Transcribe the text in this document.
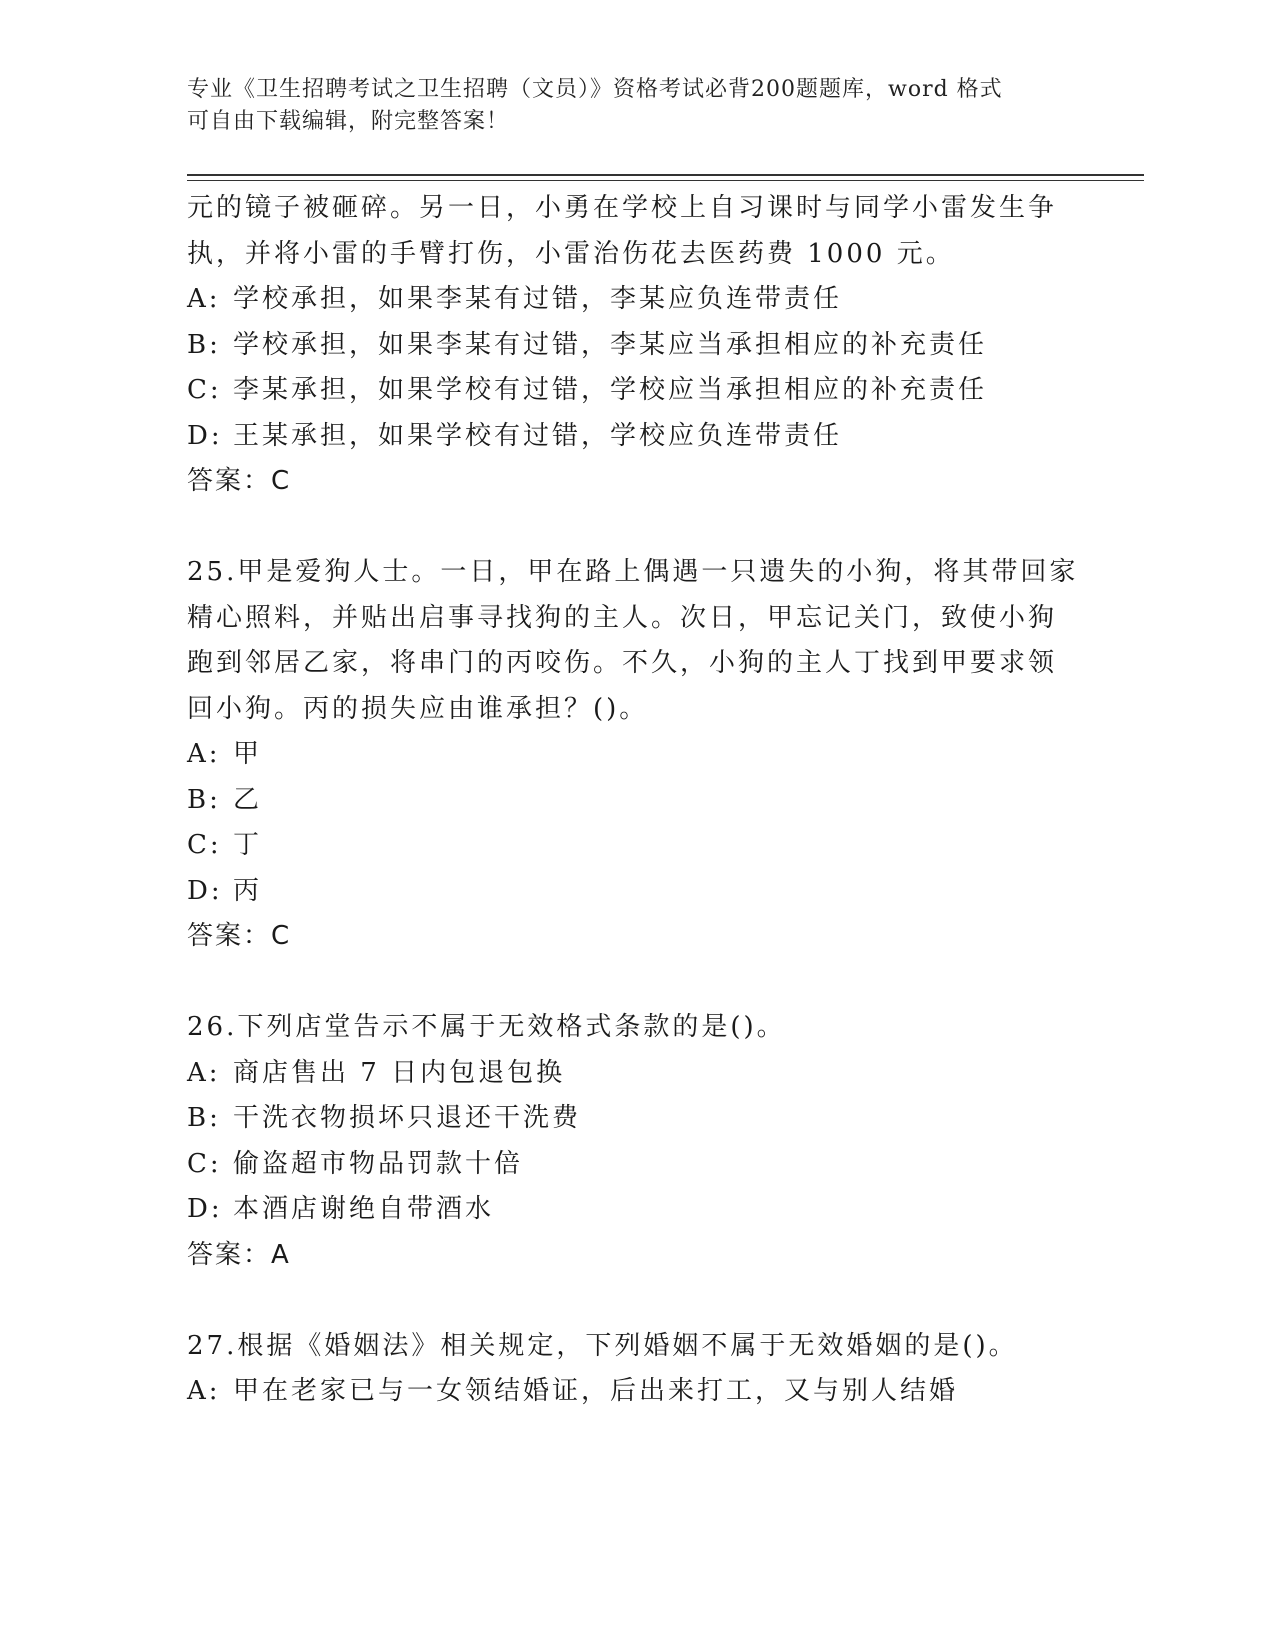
专业《卫生招聘考试之卫生招聘（文员）》资格考试必背200题题库，word 格式
可自由下载编辑，附完整答案！
元的镜子被砸碎。另一日，小勇在学校上自习课时与同学小雷发生争
执，并将小雷的手臂打伤，小雷治伤花去医药费 1000 元。
A: 学校承担，如果李某有过错，李某应负连带责任
B: 学校承担，如果李某有过错，李某应当承担相应的补充责任
C: 李某承担，如果学校有过错，学校应当承担相应的补充责任
D: 王某承担，如果学校有过错，学校应负连带责任
答案：C
25.甲是爱狗人士。一日，甲在路上偶遇一只遗失的小狗，将其带回家
精心照料，并贴出启事寻找狗的主人。次日，甲忘记关门，致使小狗
跑到邻居乙家，将串门的丙咬伤。不久，小狗的主人丁找到甲要求领
回小狗。丙的损失应由谁承担？()。
A: 甲
B: 乙
C: 丁
D: 丙
答案：C
26.下列店堂告示不属于无效格式条款的是()。
A: 商店售出 7 日内包退包换
B: 干洗衣物损坏只退还干洗费
C: 偷盗超市物品罚款十倍
D: 本酒店谢绝自带酒水
答案：A
27.根据《婚姻法》相关规定，下列婚姻不属于无效婚姻的是()。
A: 甲在老家已与一女领结婚证，后出来打工，又与别人结婚
